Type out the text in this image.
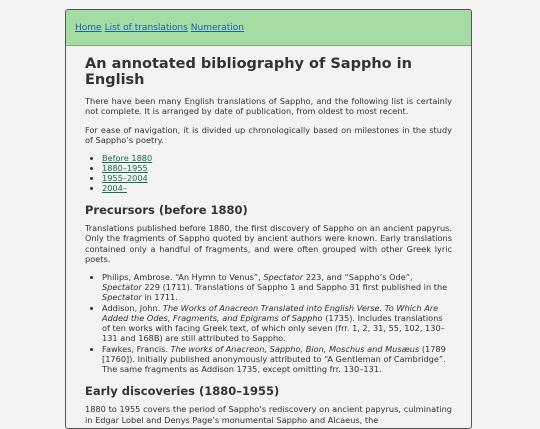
Home List of translations Numeration
An annotated bibliography of Sappho in English

There have been many English translations of Sappho, and the following list is certainly not complete. It is arranged by date of publication, from oldest to most recent.

For ease of navigation, it is divided up chronologically based on milestones in the study of Sappho’s poetry.

• Before 1880
• 1880–1955
• 1955–2004
• 2004–
Precursors (before 1880)

Translations published before 1880, the first discovery of Sappho on an ancient papyrus. Only the fragments of Sappho quoted by ancient authors were known. Early translations contained only a handful of fragments, and were often grouped with other Greek lyric poets.

• Philips, Ambrose. “An Hymn to Venus”, Spectator 223, and “Sappho’s Ode”, Spectator 229 (1711). Translations of Sappho 1 and Sappho 31 first published in the Spectator in 1711.
• Addison, John. The Works of Anacreon Translated into English Verse. To Which Are Added the Odes, Fragments, and Epigrams of Sappho (1735). Includes translations of ten works with facing Greek text, of which only seven (frr. 1, 2, 31, 55, 102, 130–131 and 168B) are still attributed to Sappho.
• Fawkes, Francis. The works of Anacreon, Sappho, Bion, Moschus and Musæus (1789 [1760]). Initially published anonymously attributed to “A Gentleman of Cambridge”. The same fragments as Addison 1735, except omitting frr. 130–131.
Early discoveries (1880–1955)

1880 to 1955 covers the period of Sappho’s rediscovery on ancient papyrus, culminating in Edgar Lobel and Denys Page’s monumental Sappho and Alcaeus, the
